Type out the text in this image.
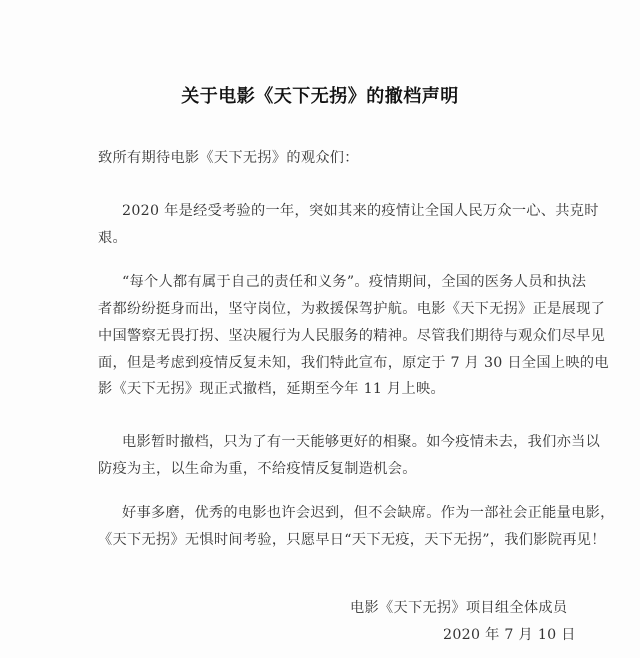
关于电影《天下无拐》的撤档声明
致所有期待电影《天下无拐》的观众们：
2020 年是经受考验的一年，突如其来的疫情让全国人民万众一心、共克时
艰。
“每个人都有属于自己的责任和义务”。疫情期间，全国的医务人员和执法
者都纷纷挺身而出，坚守岗位，为救援保驾护航。电影《天下无拐》正是展现了
中国警察无畏打拐、坚决履行为人民服务的精神。尽管我们期待与观众们尽早见
面，但是考虑到疫情反复未知，我们特此宣布，原定于 7 月 30 日全国上映的电
影《天下无拐》现正式撤档，延期至今年 11 月上映。
电影暂时撤档，只为了有一天能够更好的相聚。如今疫情未去，我们亦当以
防疫为主，以生命为重，不给疫情反复制造机会。
好事多磨，优秀的电影也许会迟到，但不会缺席。作为一部社会正能量电影，
《天下无拐》无惧时间考验，只愿早日“天下无疫，天下无拐”，我们影院再见！
电影《天下无拐》项目组全体成员
2020 年 7 月 10 日
